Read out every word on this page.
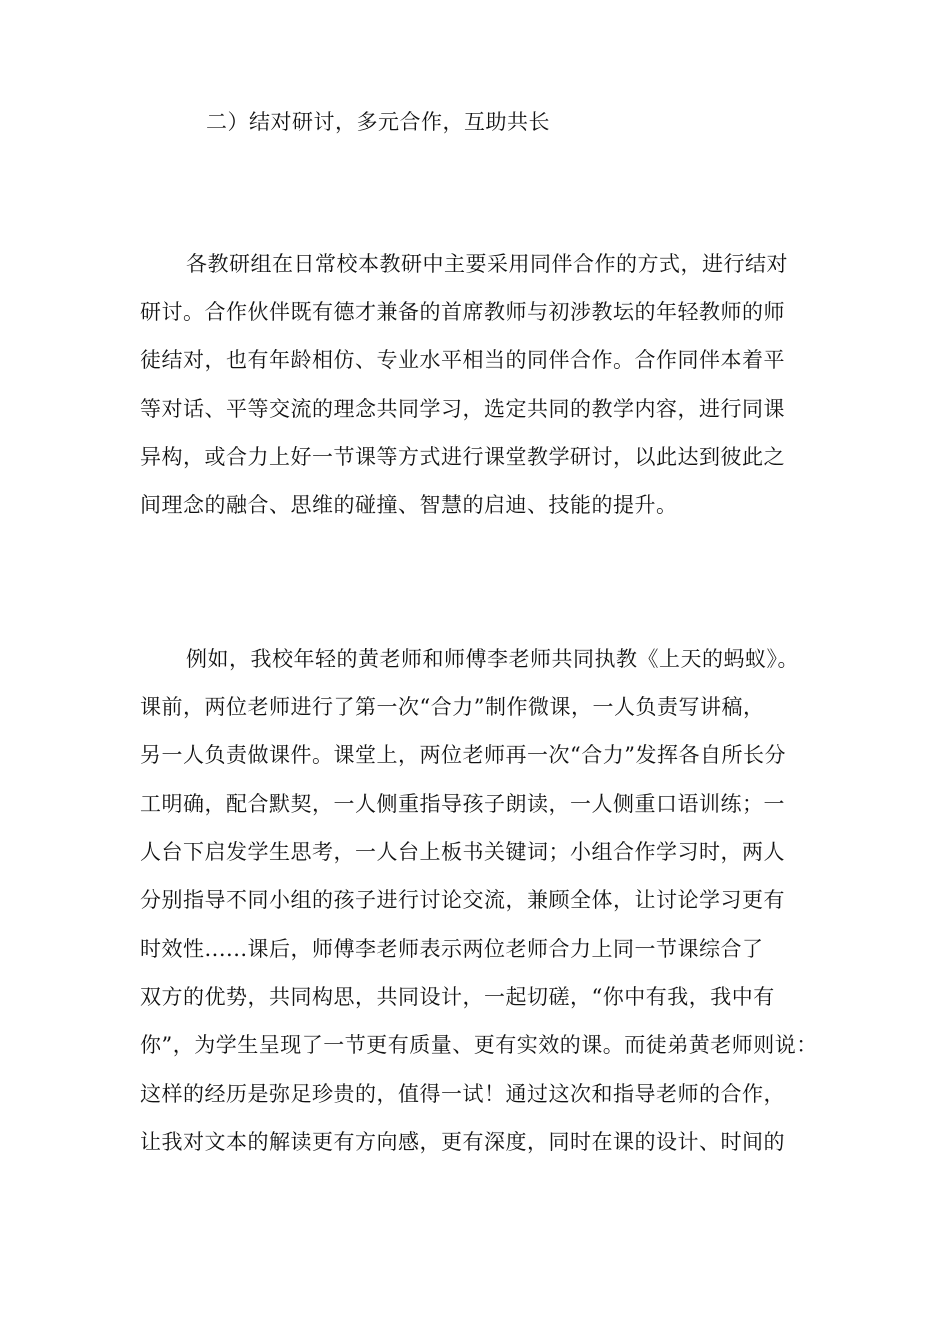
二）结对研讨，多元合作，互助共长
各教研组在日常校本教研中主要采用同伴合作的方式，进行结对
研讨。合作伙伴既有德才兼备的首席教师与初涉教坛的年轻教师的师
徒结对，也有年龄相仿、专业水平相当的同伴合作。合作同伴本着平
等对话、平等交流的理念共同学习，选定共同的教学内容，进行同课
异构，或合力上好一节课等方式进行课堂教学研讨，以此达到彼此之
间理念的融合、思维的碰撞、智慧的启迪、技能的提升。
例如，我校年轻的黄老师和师傅李老师共同执教《上天的蚂蚁》。
课前，两位老师进行了第一次“合力”制作微课，一人负责写讲稿，
另一人负责做课件。课堂上，两位老师再一次“合力”发挥各自所长分
工明确，配合默契，一人侧重指导孩子朗读，一人侧重口语训练；一
人台下启发学生思考，一人台上板书关键词；小组合作学习时，两人
分别指导不同小组的孩子进行讨论交流，兼顾全体，让讨论学习更有
时效性......课后，师傅李老师表示两位老师合力上同一节课综合了
双方的优势，共同构思，共同设计，一起切磋，“你中有我，我中有
你”，为学生呈现了一节更有质量、更有实效的课。而徒弟黄老师则说：
这样的经历是弥足珍贵的，值得一试！通过这次和指导老师的合作，
让我对文本的解读更有方向感，更有深度，同时在课的设计、时间的
